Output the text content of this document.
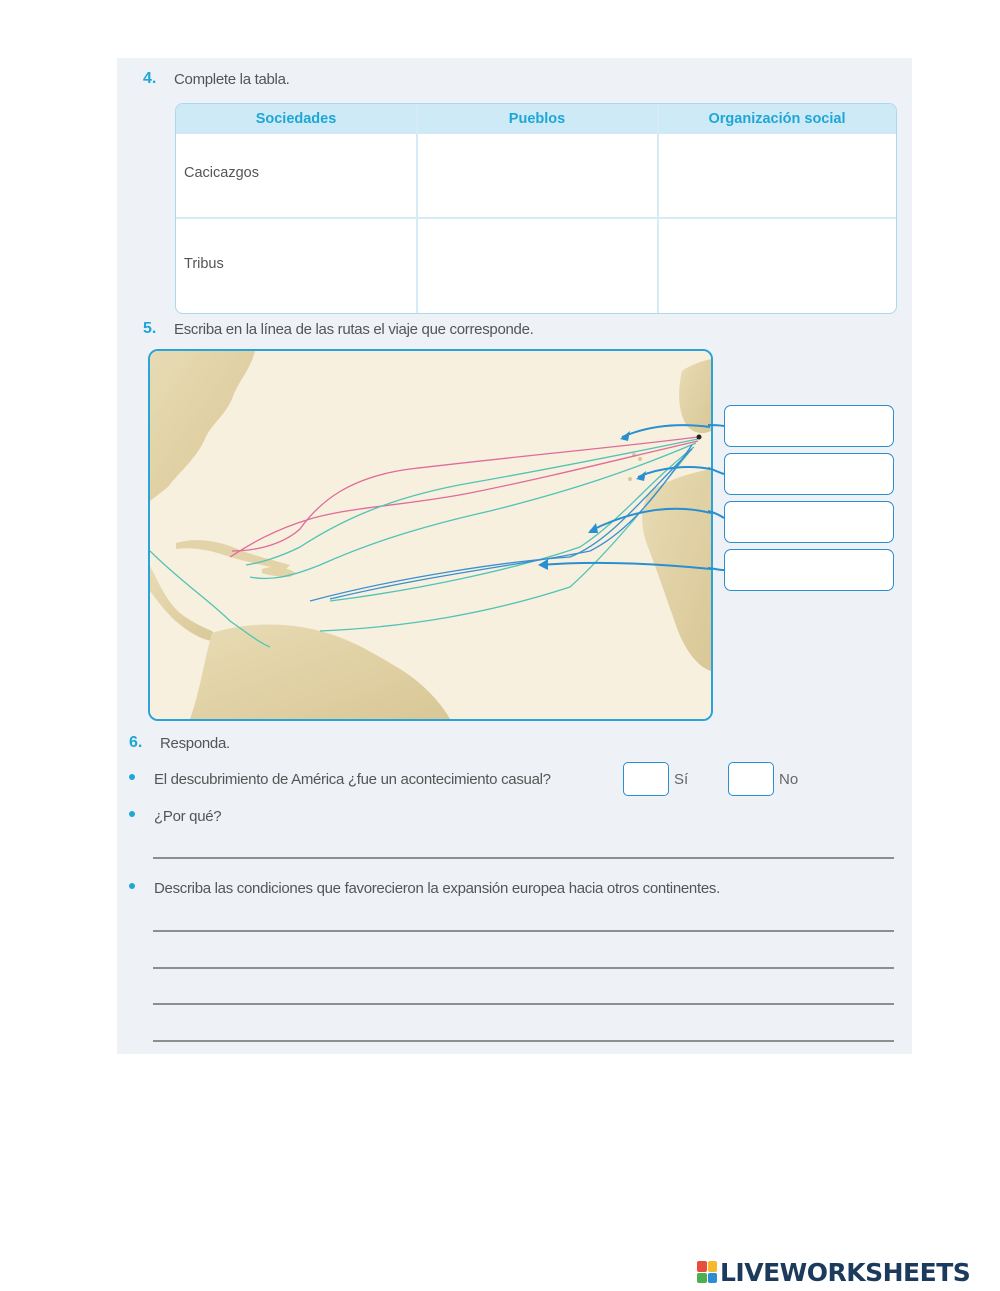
4. Complete la tabla.
Sociedades	Pueblos	Organización social
Cacicazgos
Tribus
5. Escriba en la línea de las rutas el viaje que corresponde.
6. Responda.
El descubrimiento de América ¿fue un acontecimiento casual?	Sí	No
¿Por qué?
Describa las condiciones que favorecieron la expansión europea hacia otros continentes.
LIVEWORKSHEETS
